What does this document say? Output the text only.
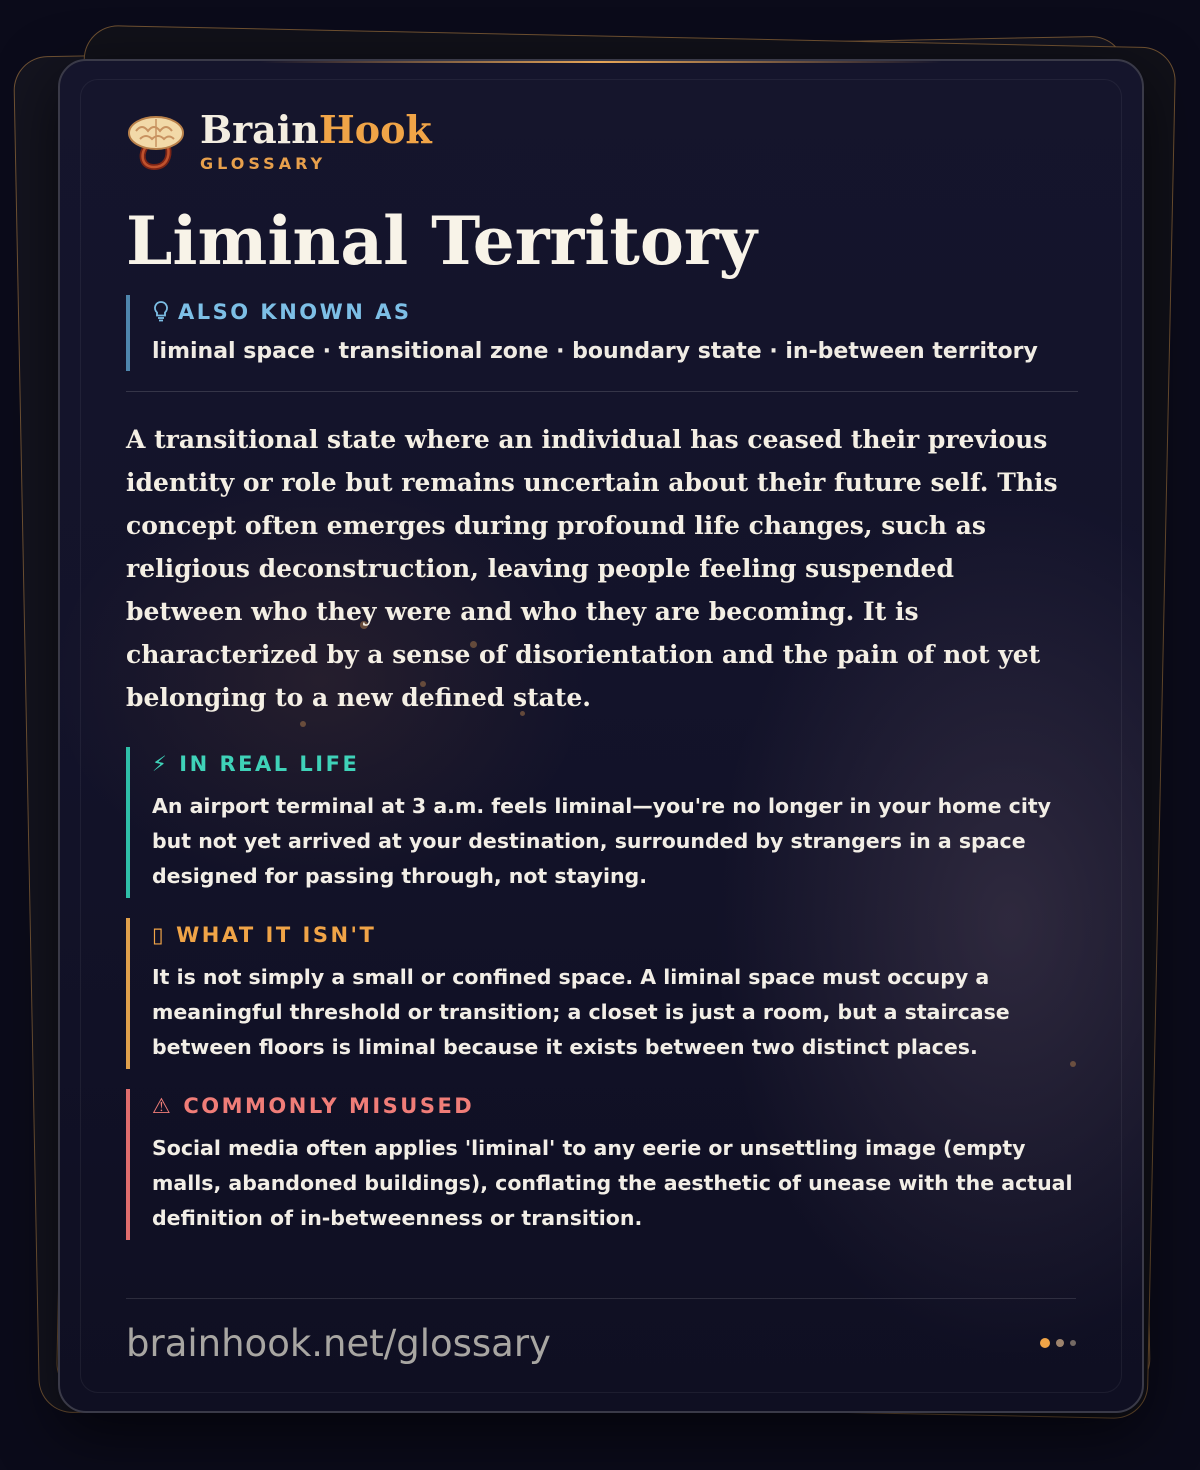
BrainHook
GLOSSARY
Liminal Territory
ALSO KNOWN AS
liminal space · transitional zone · boundary state · in-between territory
A transitional state where an individual has ceased their previous identity or role but remains uncertain about their future self. This concept often emerges during profound life changes, such as religious deconstruction, leaving people feeling suspended between who they were and who they are becoming. It is characterized by a sense of disorientation and the pain of not yet belonging to a new defined state.
⚡ IN REAL LIFE
An airport terminal at 3 a.m. feels liminal—you're no longer in your home city but not yet arrived at your destination, surrounded by strangers in a space designed for passing through, not staying.
▯ WHAT IT ISN'T
It is not simply a small or confined space. A liminal space must occupy a meaningful threshold or transition; a closet is just a room, but a staircase between floors is liminal because it exists between two distinct places.
⚠ COMMONLY MISUSED
Social media often applies 'liminal' to any eerie or unsettling image (empty malls, abandoned buildings), conflating the aesthetic of unease with the actual definition of in-betweenness or transition.
brainhook.net/glossary
